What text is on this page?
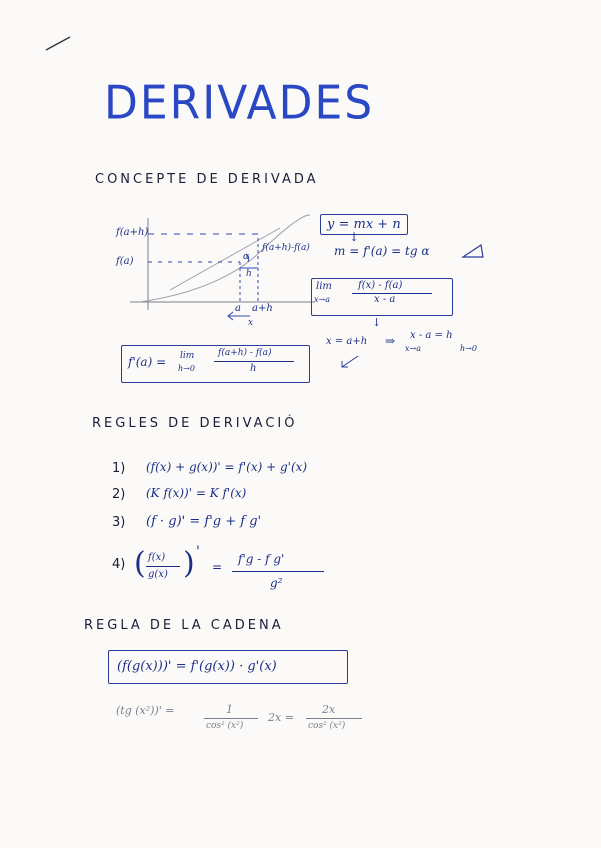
DERIVADES
CONCEPTE DE DERIVADA
f(a+h)
f(a)	α
f(a+h)-f(a)
h
a a+h
x
y = mx + n
↓
m = f'(a) = tg α
lim
x→a
f(x) - f(a)
x - a
↓
x = a+h ⇒ x - a = h
x→a	h→0
f'(a) = lim
h→0
f(a+h) - f(a)
h
REGLES DE DERIVACIÓ
1) (f(x) + g(x))' = f'(x) + g'(x)
2) (K f(x))' = K f'(x)
3) (f · g)' = f'g + f g'
4) ( f(x)
g(x) ) '
=
f'g - f g'
g²
REGLA DE LA CADENA
(f(g(x)))' = f'(g(x)) · g'(x)
(tg (x²))' =	1
cos² (x²)
2x =
2x
cos² (x²)
